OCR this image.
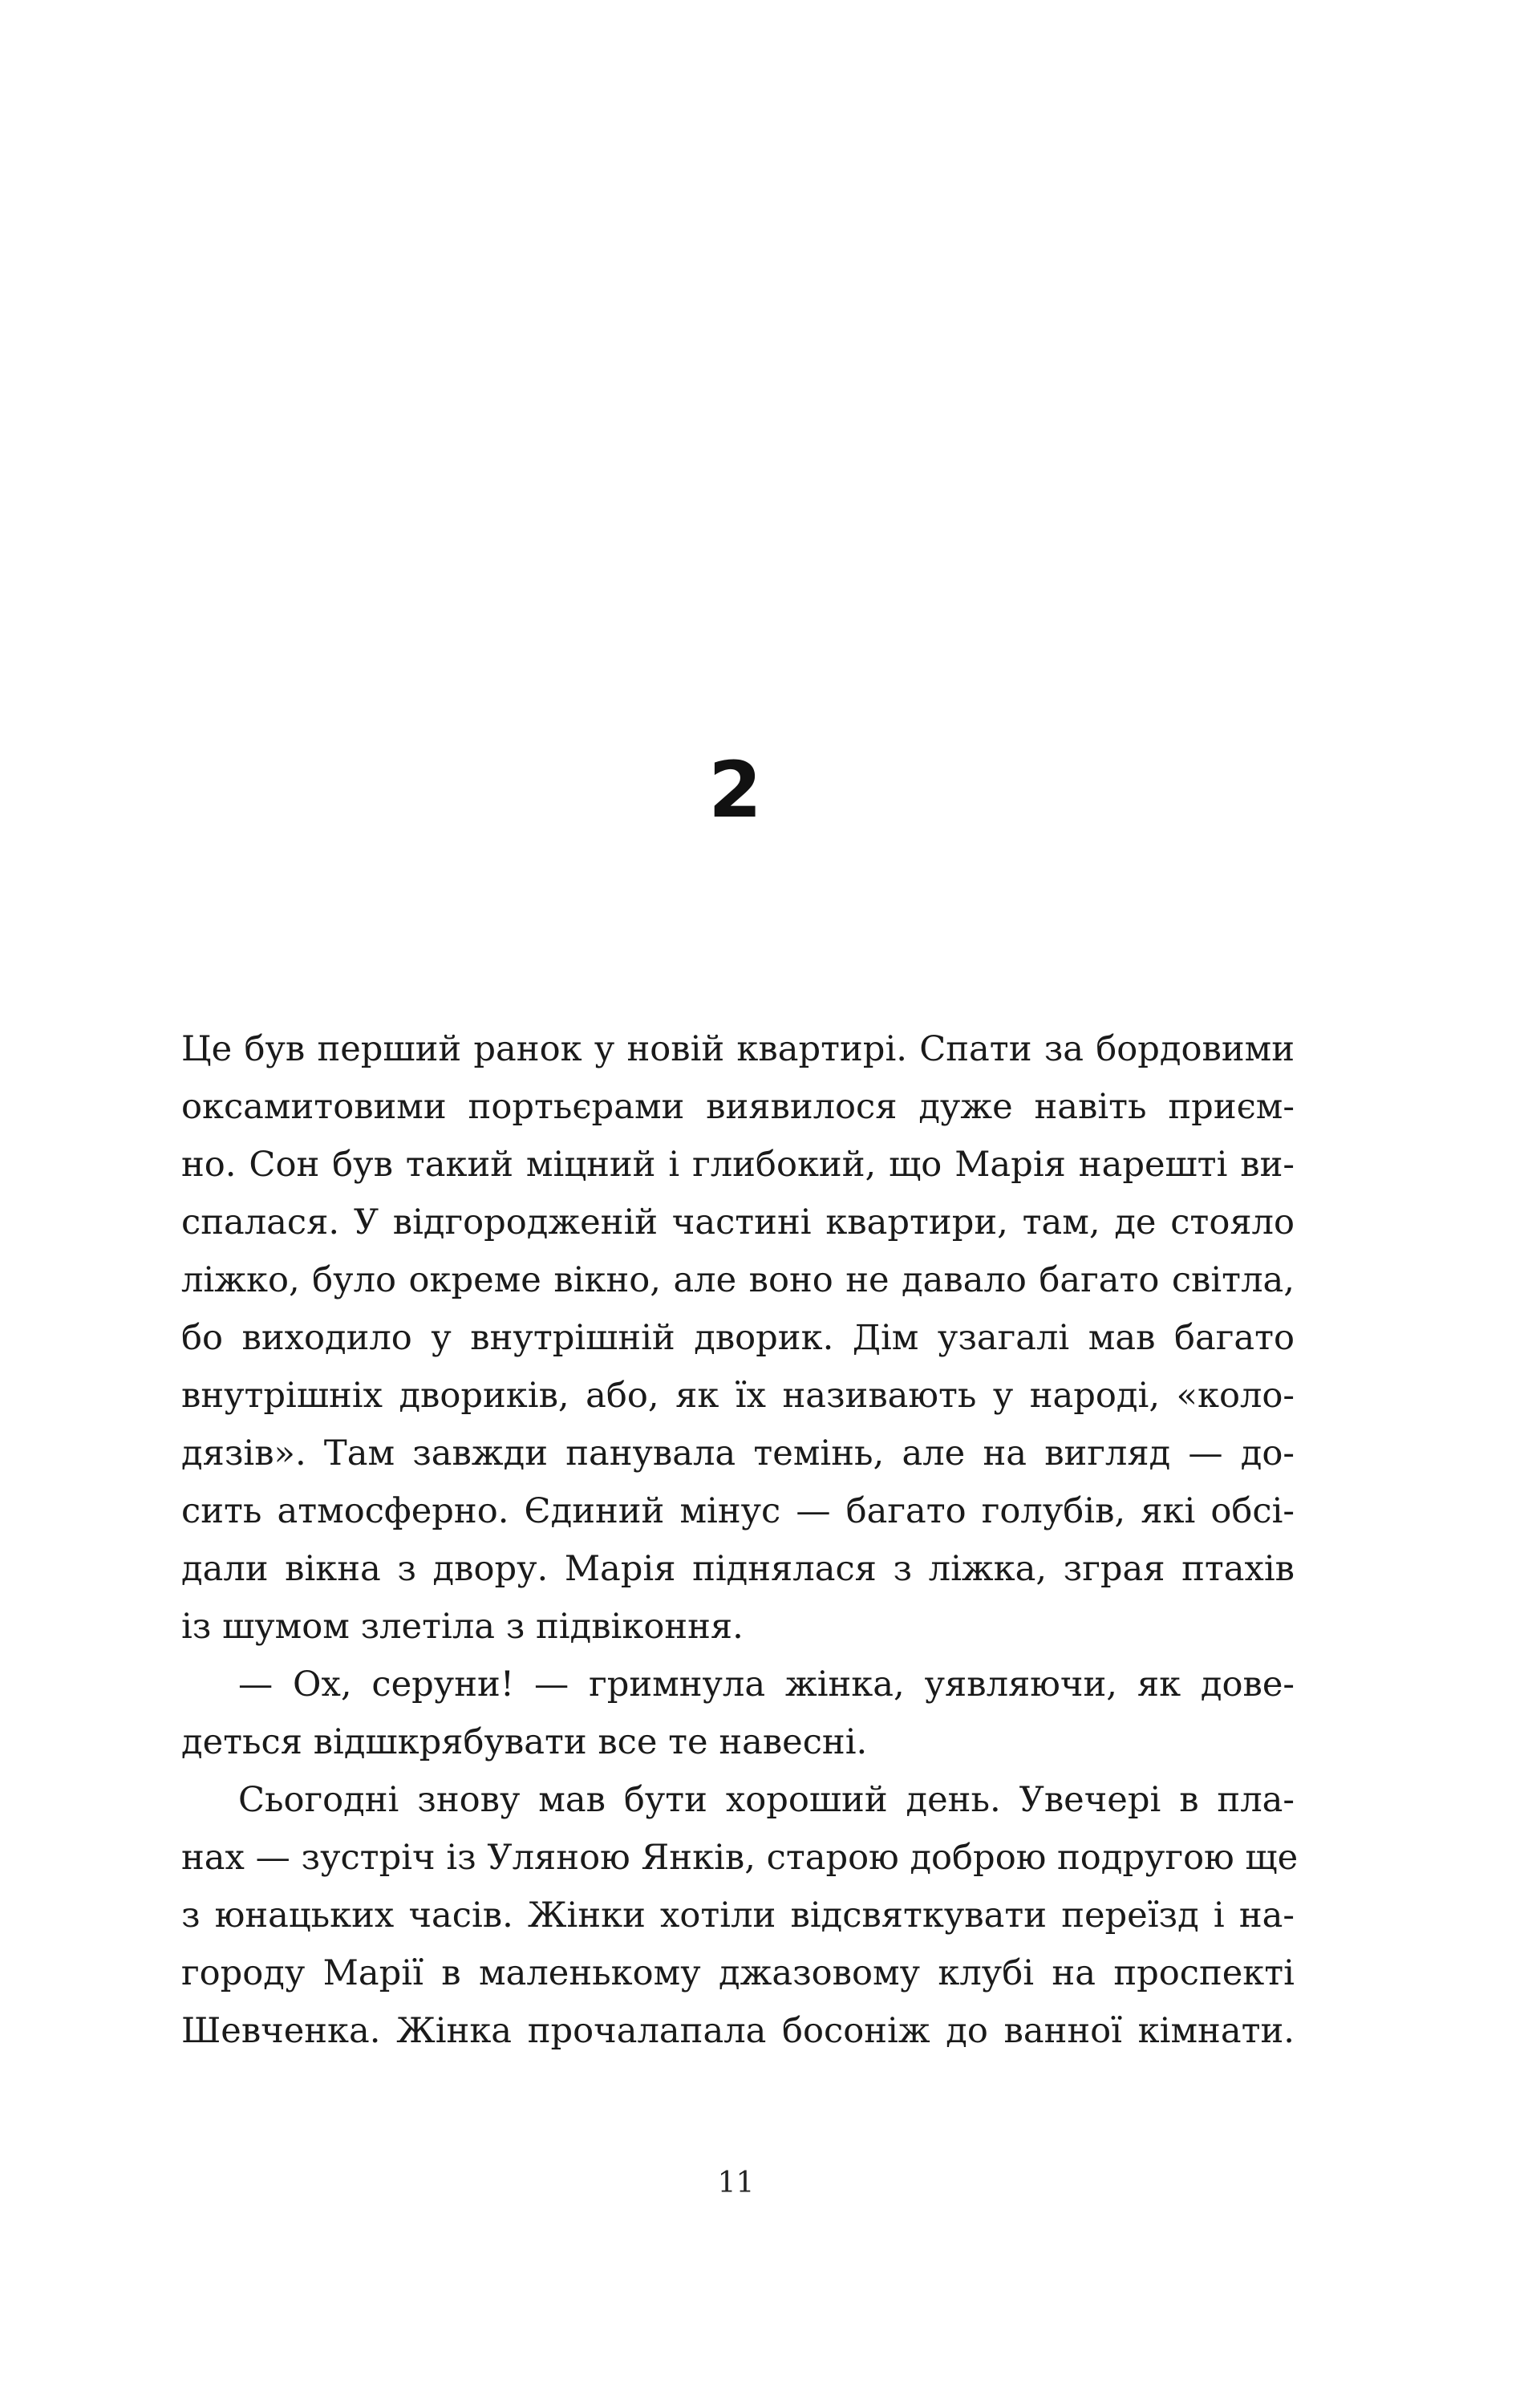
2

Це був перший ранок у новій квартирі. Спати за бордовими
оксамитовими портьєрами виявилося дуже навіть приєм-
но. Сон був такий міцний і глибокий, що Марія нарешті ви-
спалася. У відгородженій частині квартири, там, де стояло
ліжко, було окреме вікно, але воно не давало багато світла,
бо виходило у внутрішній дворик. Дім узагалі мав багато
внутрішніх двориків, або, як їх називають у народі, «коло-
дязів». Там завжди панувала темінь, але на вигляд — до-
сить атмосферно. Єдиний мінус — багато голубів, які обсі-
дали вікна з двору. Марія піднялася з ліжка, зграя птахів
із шумом злетіла з підвіконня.

— Ох, серуни! — гримнула жінка, уявляючи, як дове-
деться відшкрябувати все те навесні.

Сьогодні знову мав бути хороший день. Увечері в пла-
нах — зустріч із Уляною Янків, старою доброю подругою ще
з юнацьких часів. Жінки хотіли відсвяткувати переїзд і на-
городу Марії в маленькому джазовому клубі на проспекті
Шевченка. Жінка прочалапала босоніж до ванної кімнати.

11
